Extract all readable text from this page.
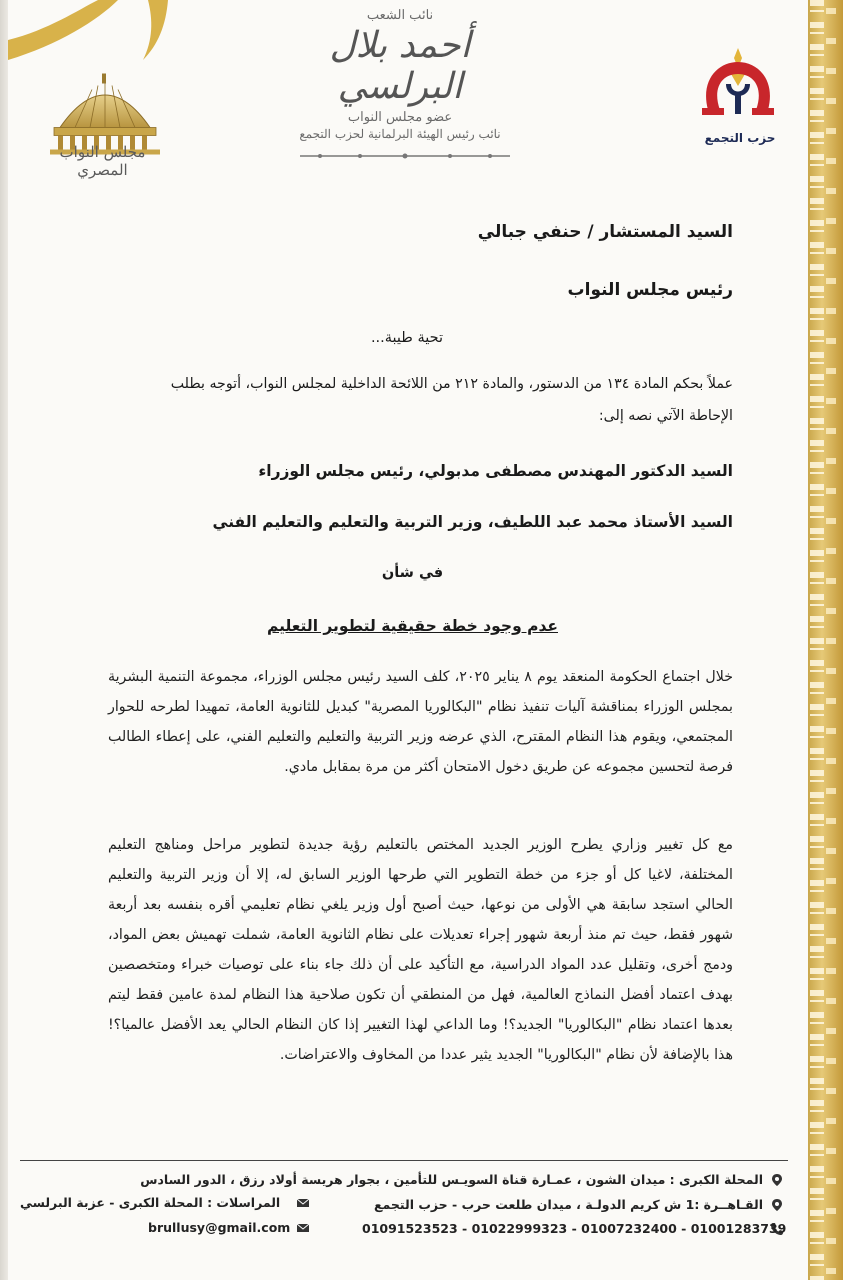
مجلس النواب المصري
حزب التجمع
نائب الشعب
أحمد بلال البرلسي
عضو مجلس النواب
نائب رئيس الهيئة البرلمانية لحزب التجمع
السيد المستشار / حنفي جبالي
رئيس مجلس النواب
تحية طيبة...
عملاً بحكم المادة ١٣٤ من الدستور، والمادة ٢١٢ من اللائحة الداخلية لمجلس النواب، أتوجه بطلب
الإحاطة الآتي نصه إلى:
السيد الدكتور المهندس مصطفى مدبولي، رئيس مجلس الوزراء
السيد الأستاذ محمد عبد اللطيف، وزير التربية والتعليم والتعليم الفني
في شأن
عدم وجود خطة حقيقية لتطوير التعليم
خلال اجتماع الحكومة المنعقد يوم ٨ يناير ٢٠٢٥، كلف السيد رئيس مجلس الوزراء، مجموعة التنمية البشرية بمجلس الوزراء بمناقشة آليات تنفيذ نظام "البكالوريا المصرية" كبديل للثانوية العامة، تمهيدا لطرحه للحوار المجتمعي، ويقوم هذا النظام المقترح، الذي عرضه وزير التربية والتعليم والتعليم الفني، على إعطاء الطالب فرصة لتحسين مجموعه عن طريق دخول الامتحان أكثر من مرة بمقابل مادي.
مع كل تغيير وزاري يطرح الوزير الجديد المختص بالتعليم رؤية جديدة لتطوير مراحل ومناهج التعليم المختلفة، لاغيا كل أو جزء من خطة التطوير التي طرحها الوزير السابق له، إلا أن وزير التربية والتعليم الحالي استجد سابقة هي الأولى من نوعها، حيث أصبح أول وزير يلغي نظام تعليمي أقره بنفسه بعد أربعة شهور فقط، حيث تم منذ أربعة شهور إجراء تعديلات على نظام الثانوية العامة، شملت تهميش بعض المواد، ودمج أخرى، وتقليل عدد المواد الدراسية، مع التأكيد على أن ذلك جاء بناء على توصيات خبراء ومتخصصين بهدف اعتماد أفضل النماذج العالمية، فهل من المنطقي أن تكون صلاحية هذا النظام لمدة عامين فقط ليتم بعدها اعتماد نظام "البكالوريا" الجديد؟! وما الداعي لهذا التغيير إذا كان النظام الحالي يعد الأفضل عالميا؟! هذا بالإضافة لأن نظام "البكالوريا" الجديد يثير عددا من المخاوف والاعتراضات.
المحلة الكبرى : ميدان الشون ، عمـارة قناة السويـس للتأمين ، بجوار هريسة أولاد رزق ، الدور السادس
القـاهــرة :1 ش كريم الدولـة ، ميدان طلعت حرب - حزب التجمع
المراسلات : المحلة الكبرى - عزبة البرلسي
brullusy@gmail.com	01091523523 - 01022999323 - 01007232400 - 01001283739
